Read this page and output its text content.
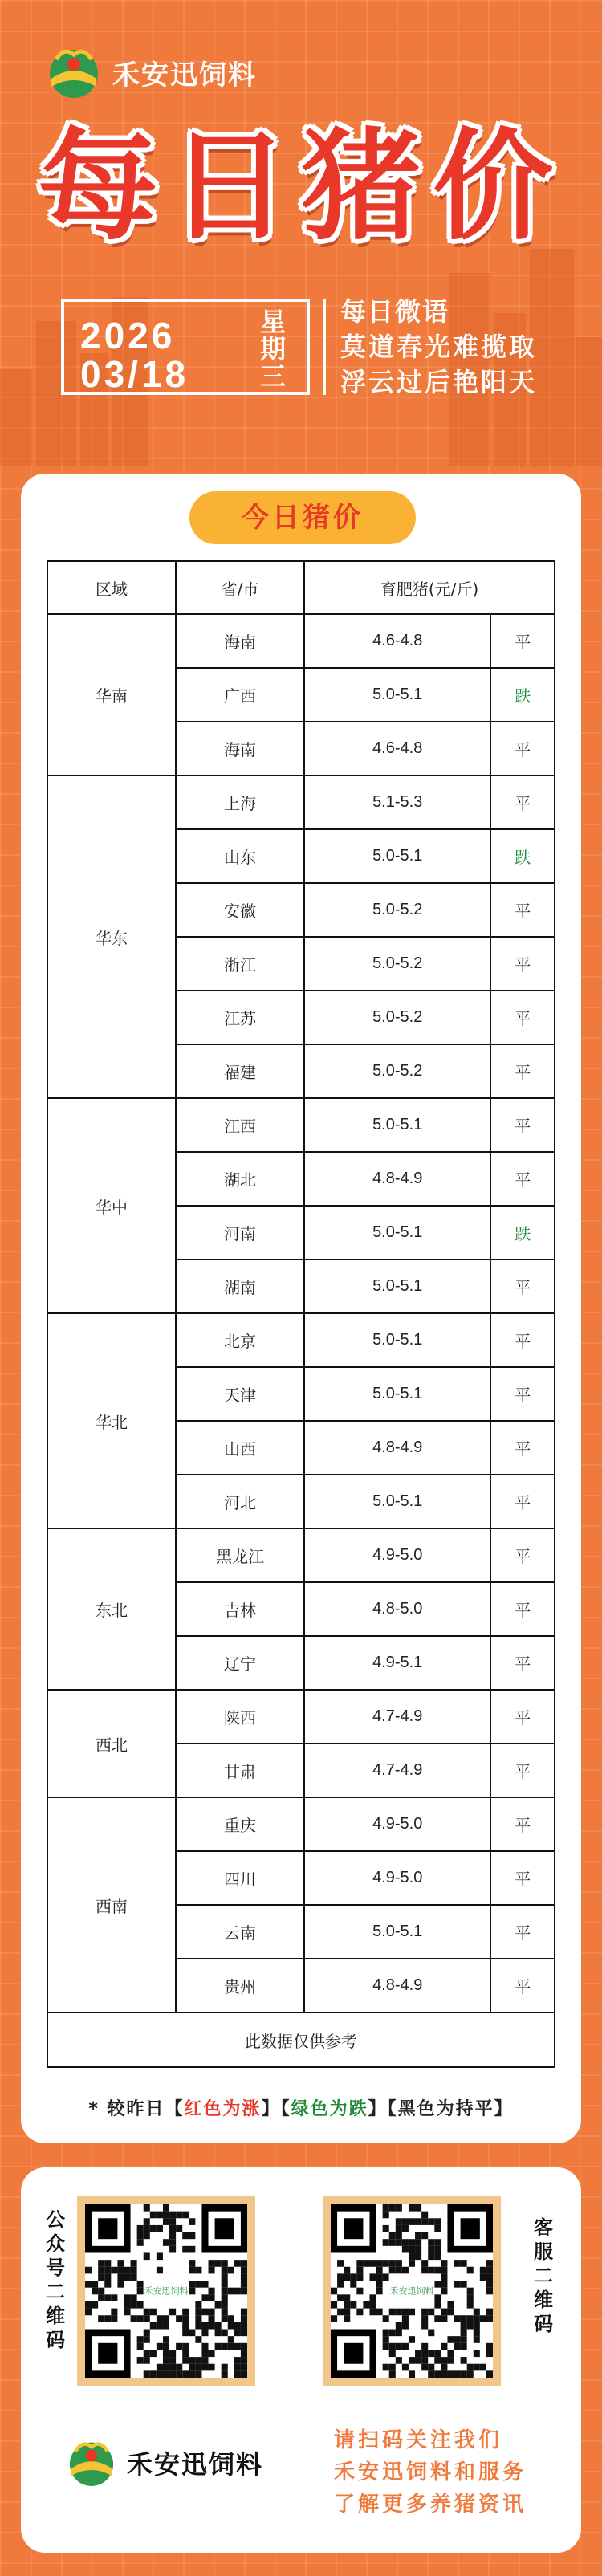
禾安迅饲料
每日猪价
2026
03/18
星
期
三
每日微语
莫道春光难揽取
浮云过后艳阳天
今日猪价
区域	省/市	育肥猪(元/斤)	
华南	海南	4.6-4.8	平
	广西	5.0-5.1	跌
	海南	4.6-4.8	平
华东	上海	5.1-5.3	平
	山东	5.0-5.1	跌
	安徽	5.0-5.2	平
	浙江	5.0-5.2	平
	江苏	5.0-5.2	平
	福建	5.0-5.2	平
华中	江西	5.0-5.1	平
	湖北	4.8-4.9	平
	河南	5.0-5.1	跌
	湖南	5.0-5.1	平
华北	北京	5.0-5.1	平
	天津	5.0-5.1	平
	山西	4.8-4.9	平
	河北	5.0-5.1	平
东北	黑龙江	4.9-5.0	平
	吉林	4.8-5.0	平
	辽宁	4.9-5.1	平
西北	陕西	4.7-4.9	平
	甘肃	4.7-4.9	平
西南	重庆	4.9-5.0	平
	四川	4.9-5.0	平
	云南	5.0-5.1	平
	贵州	4.8-4.9	平
此数据仅供参考			
* 较昨日【红色为涨】【绿色为跌】【黑色为持平】
公
众
号
二
维
码
禾安迅饲料	禾安迅饲料
客
服
二
维
码
禾安迅饲料
请扫码关注我们
禾安迅饲料和服务
了解更多养猪资讯
